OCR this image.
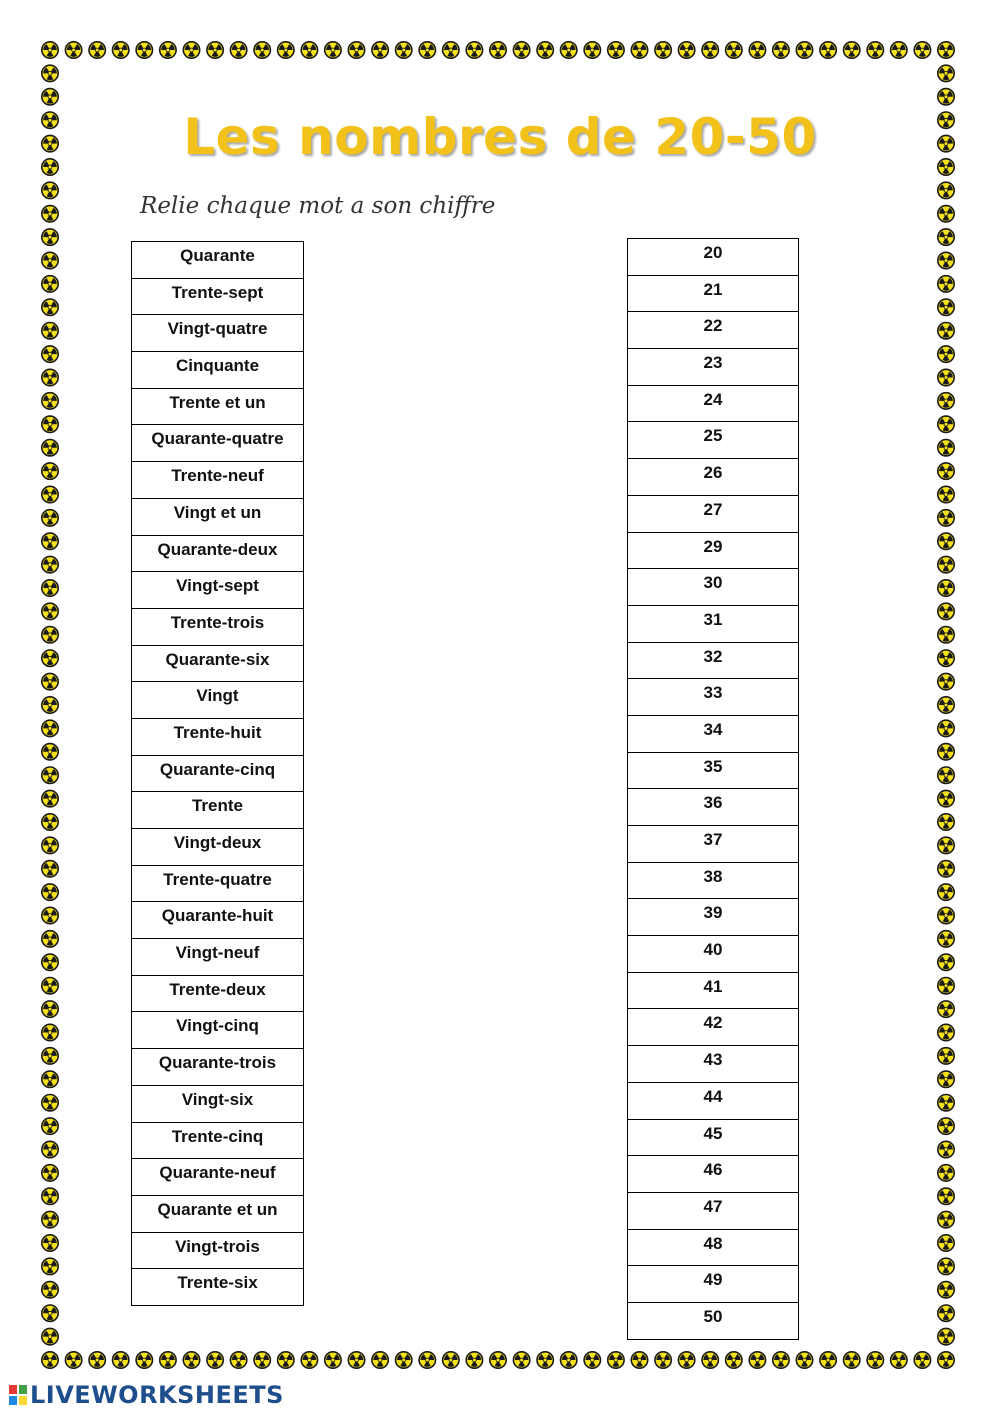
Les nombres de 20-50
Relie chaque mot a son chiffre
Quarante
Trente-sept
Vingt-quatre
Cinquante
Trente et un
Quarante-quatre
Trente-neuf
Vingt et un
Quarante-deux
Vingt-sept
Trente-trois
Quarante-six
Vingt
Trente-huit
Quarante-cinq
Trente
Vingt-deux
Trente-quatre
Quarante-huit
Vingt-neuf
Trente-deux
Vingt-cinq
Quarante-trois
Vingt-six
Trente-cinq
Quarante-neuf
Quarante et un
Vingt-trois
Trente-six
20
21
22
23
24
25
26
27
29
30
31
32
33
34
35
36
37
38
39
40
41
42
43
44
45
46
47
48
49
50
LIVEWORKSHEETS
